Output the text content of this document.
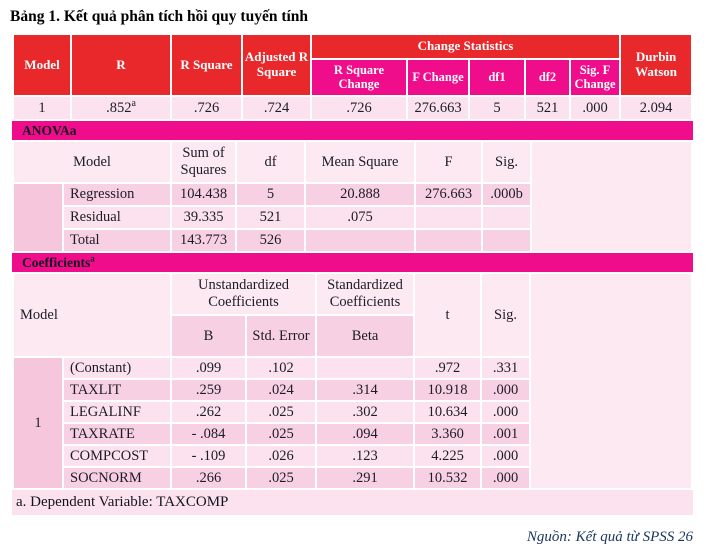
Bảng 1. Kết quả phân tích hồi quy tuyến tính
Model	R	R Square	Adjusted R Square	Change Statistics					Durbin Watson
				R Square Change	F Change	df1	df2	Sig. F Change	
1	.852$^a$	.726	.724	.726	276.663	5	521	.000	2.094
ANOVAa
Model		Sum of Squares	df	Mean Square	F	Sig.	
	Regression	104.438	5	20.888	276.663	.000b	
	Residual	39.335	521	.075			
	Total	143.773	526				
Coefficients$^a$
Model		Unstandardized Coefficients		Standardized Coefficients	t	Sig.	
		B	Std. Error	Beta			
1	(Constant)	.099	.102		.972	.331	
	TAXLIT	.259	.024	.314	10.918	.000	
	LEGALINF	.262	.025	.302	10.634	.000	
	TAXRATE	- .084	.025	.094	3.360	.001	
	COMPCOST	- .109	.026	.123	4.225	.000	
	SOCNORM	.266	.025	.291	10.532	.000	
a. Dependent Variable: TAXCOMP
Nguồn: Kết quả từ SPSS 26
